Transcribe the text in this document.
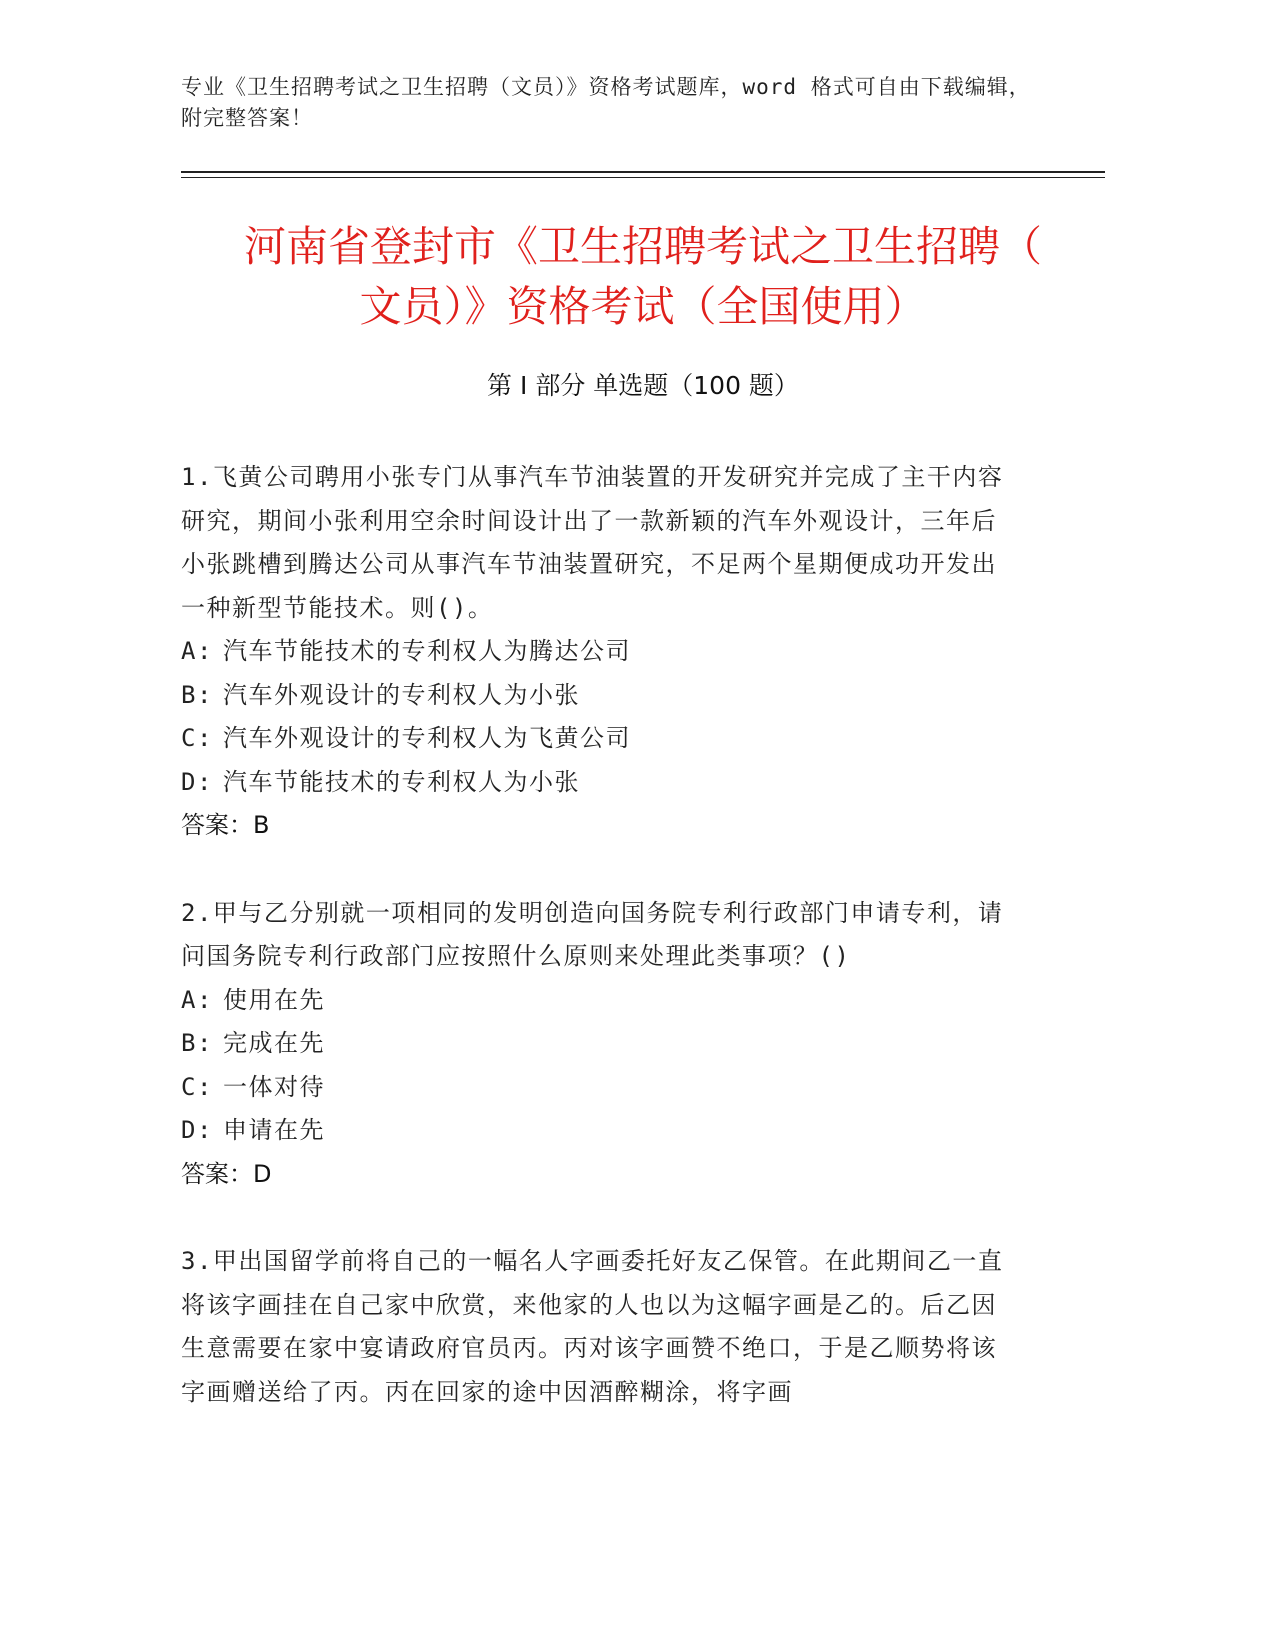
专业《卫生招聘考试之卫生招聘（文员）》资格考试题库，word 格式可自由下载编辑，附完整答案！
河南省登封市《卫生招聘考试之卫生招聘（
文员）》资格考试（全国使用）
第 I 部分 单选题（100 题）
1.飞黄公司聘用小张专门从事汽车节油装置的开发研究并完成了主干内容研究，期间小张利用空余时间设计出了一款新颖的汽车外观设计，三年后小张跳槽到腾达公司从事汽车节油装置研究，不足两个星期便成功开发出一种新型节能技术。则()。
A: 汽车节能技术的专利权人为腾达公司
B: 汽车外观设计的专利权人为小张
C: 汽车外观设计的专利权人为飞黄公司
D: 汽车节能技术的专利权人为小张
答案：B
2.甲与乙分别就一项相同的发明创造向国务院专利行政部门申请专利，请问国务院专利行政部门应按照什么原则来处理此类事项？()
A: 使用在先
B: 完成在先
C: 一体对待
D: 申请在先
答案：D
3.甲出国留学前将自己的一幅名人字画委托好友乙保管。在此期间乙一直将该字画挂在自己家中欣赏，来他家的人也以为这幅字画是乙的。后乙因生意需要在家中宴请政府官员丙。丙对该字画赞不绝口，于是乙顺势将该字画赠送给了丙。丙在回家的途中因酒醉糊涂，将字画
